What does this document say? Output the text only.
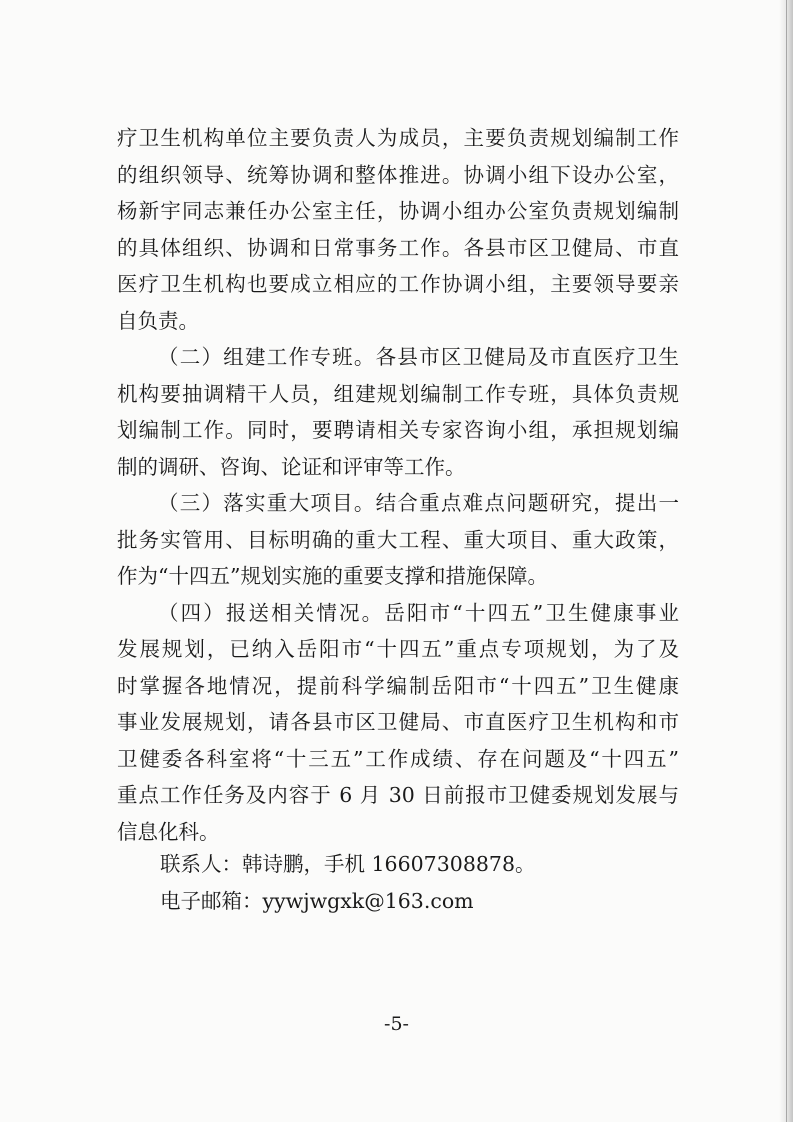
疗卫生机构单位主要负责人为成员，主要负责规划编制工作
的组织领导、统筹协调和整体推进。协调小组下设办公室，
杨新宇同志兼任办公室主任，协调小组办公室负责规划编制
的具体组织、协调和日常事务工作。各县市区卫健局、市直
医疗卫生机构也要成立相应的工作协调小组，主要领导要亲
自负责。
（二）组建工作专班。各县市区卫健局及市直医疗卫生
机构要抽调精干人员，组建规划编制工作专班，具体负责规
划编制工作。同时，要聘请相关专家咨询小组，承担规划编
制的调研、咨询、论证和评审等工作。
（三）落实重大项目。结合重点难点问题研究，提出一
批务实管用、目标明确的重大工程、重大项目、重大政策，
作为“十四五”规划实施的重要支撑和措施保障。
（四）报送相关情况。岳阳市“十四五”卫生健康事业
发展规划，已纳入岳阳市“十四五”重点专项规划，为了及
时掌握各地情况，提前科学编制岳阳市“十四五”卫生健康
事业发展规划，请各县市区卫健局、市直医疗卫生机构和市
卫健委各科室将“十三五”工作成绩、存在问题及“十四五”
重点工作任务及内容于 6 月 30 日前报市卫健委规划发展与
信息化科。
联系人：韩诗鹏，手机 16607308878。
电子邮箱：yywjwgxk@163.com
-5-
